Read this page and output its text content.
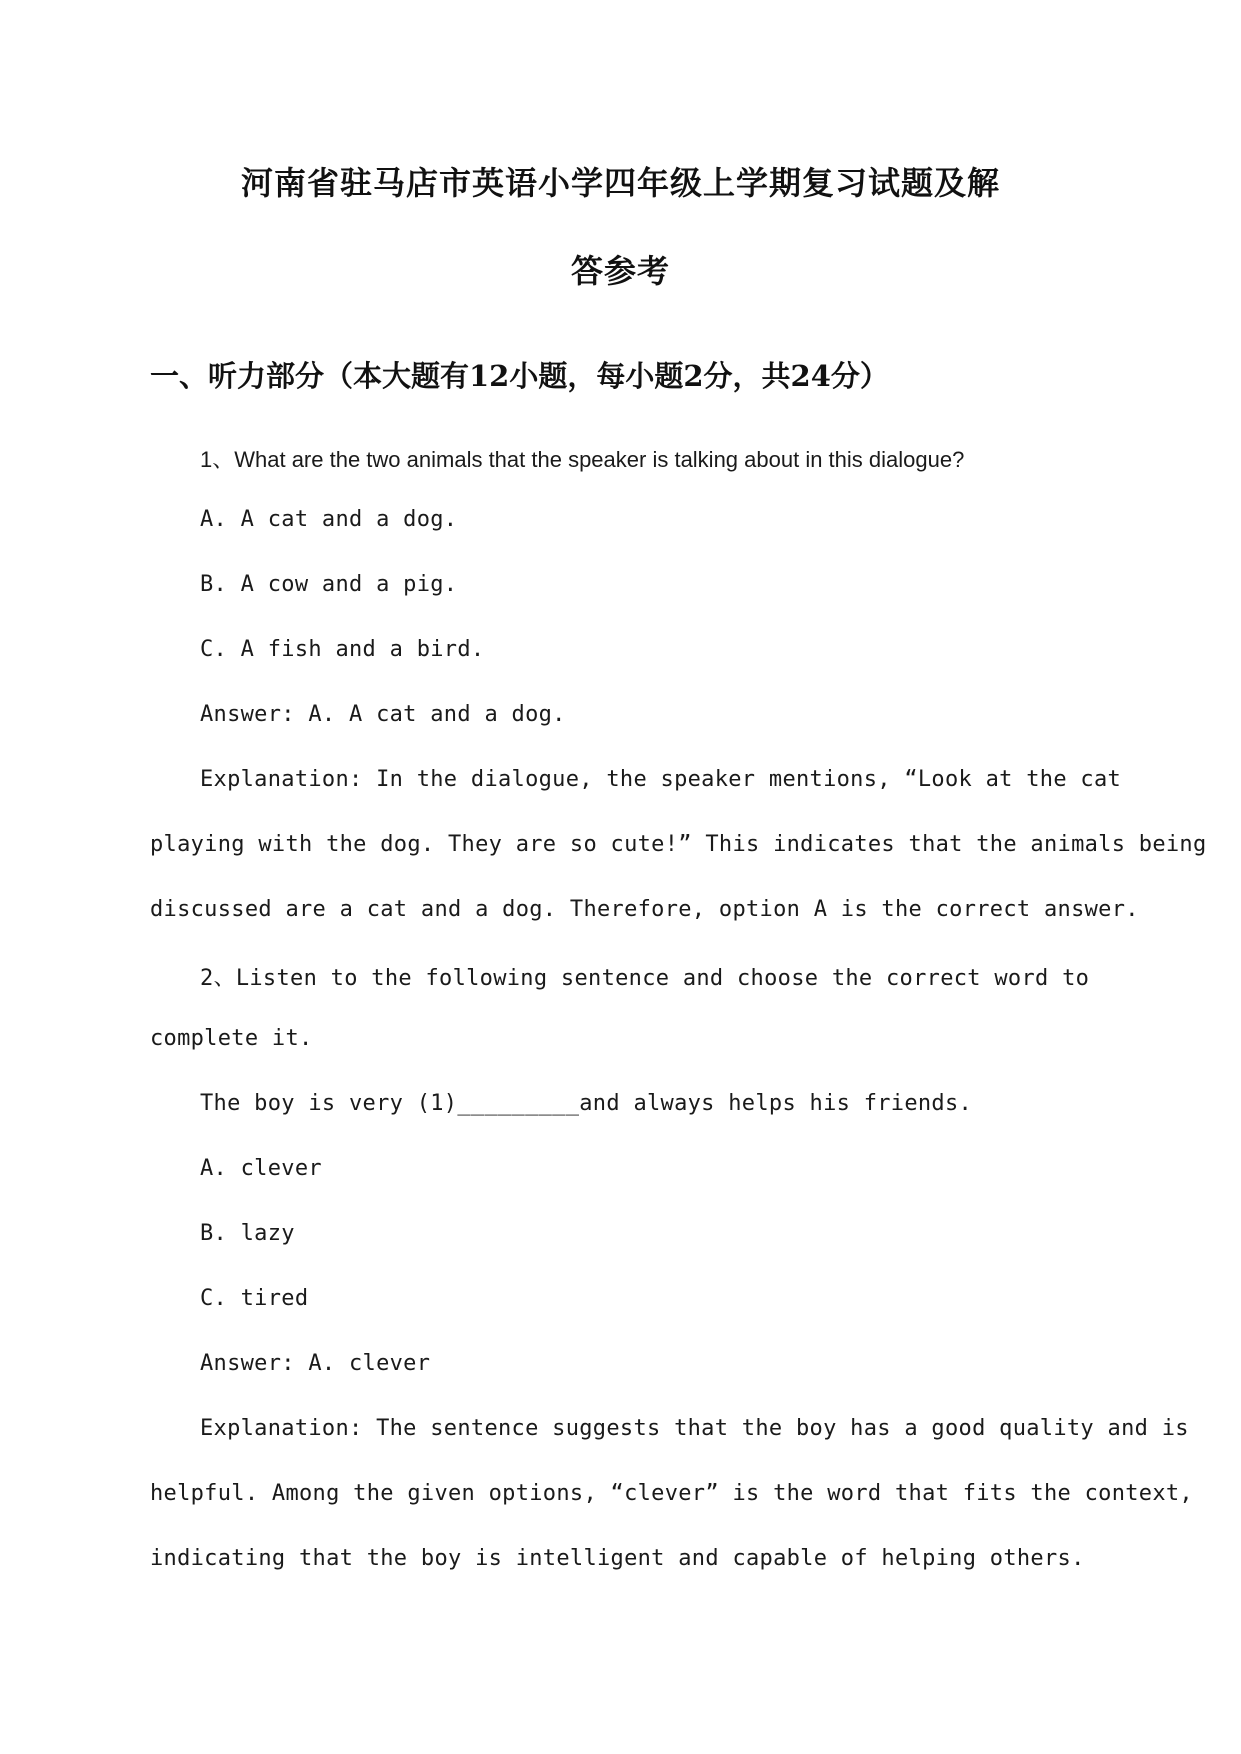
河南省驻马店市英语小学四年级上学期复习试题及解
答参考
一、听力部分（本大题有12小题，每小题2分，共24分）
1、What are the two animals that the speaker is talking about in this dialogue?
A. A cat and a dog.
B. A cow and a pig.
C. A fish and a bird.
Answer: A. A cat and a dog.
Explanation: In the dialogue, the speaker mentions, “Look at the cat
playing with the dog. They are so cute!” This indicates that the animals being
discussed are a cat and a dog. Therefore, option A is the correct answer.
2、Listen to the following sentence and choose the correct word to
complete it.
The boy is very (1)_________and always helps his friends.
A. clever
B. lazy
C. tired
Answer: A. clever
Explanation: The sentence suggests that the boy has a good quality and is
helpful. Among the given options, “clever” is the word that fits the context,
indicating that the boy is intelligent and capable of helping others.
